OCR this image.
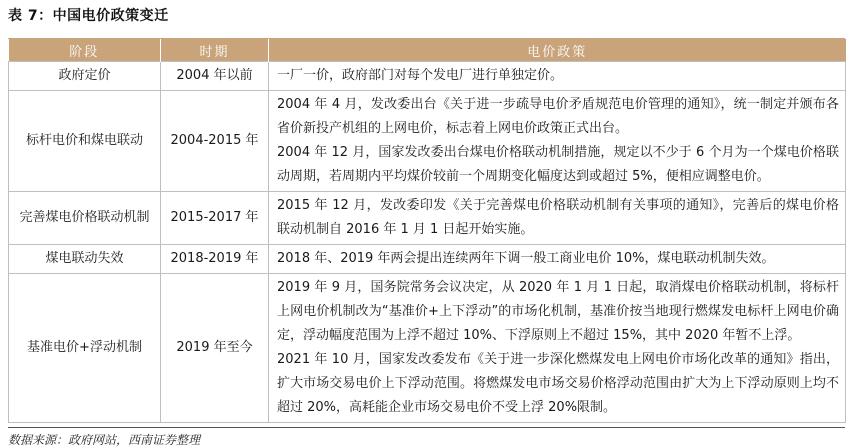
表 7：中国电价政策变迁
阶段	时期	电价政策
政府定价	2004 年以前	一厂一价，政府部门对每个发电厂进行单独定价。

标杆电价和煤电联动	2004-2015 年	2004 年 4 月，发改委出台《关于进一步疏导电价矛盾规范电价管理的通知》，统一制定并颁布各省价新投产机组的上网电价，标志着上网电价政策正式出台。

2004 年 12 月，国家发改委出台煤电价格联动机制措施，规定以不少于 6 个月为一个煤电价格联动周期，若周期内平均煤价较前一个周期变化幅度达到或超过 5%，便相应调整电价。

完善煤电价格联动机制	2015-2017 年	2015 年 12 月，发改委印发《关于完善煤电价格联动机制有关事项的通知》，完善后的煤电价格联动机制自 2016 年 1 月 1 日起开始实施。

煤电联动失效	2018-2019 年	2018 年、2019 年两会提出连续两年下调一般工商业电价 10%，煤电联动机制失效。

基准电价+浮动机制	2019 年至今	2019 年 9 月，国务院常务会议决定，从 2020 年 1 月 1 日起，取消煤电价格联动机制，将标杆上网电价机制改为“基准价+上下浮动”的市场化机制，基准价按当地现行燃煤发电标杆上网电价确定，浮动幅度范围为上浮不超过 10%、下浮原则上不超过 15%，其中 2020 年暂不上浮。

2021 年 10 月，国家发改委发布《关于进一步深化燃煤发电上网电价市场化改革的通知》指出，扩大市场交易电价上下浮动范围。将燃煤发电市场交易价格浮动范围由扩大为上下浮动原则上均不超过 20%，高耗能企业市场交易电价不受上浮 20%限制。

数据来源：政府网站，西南证券整理
